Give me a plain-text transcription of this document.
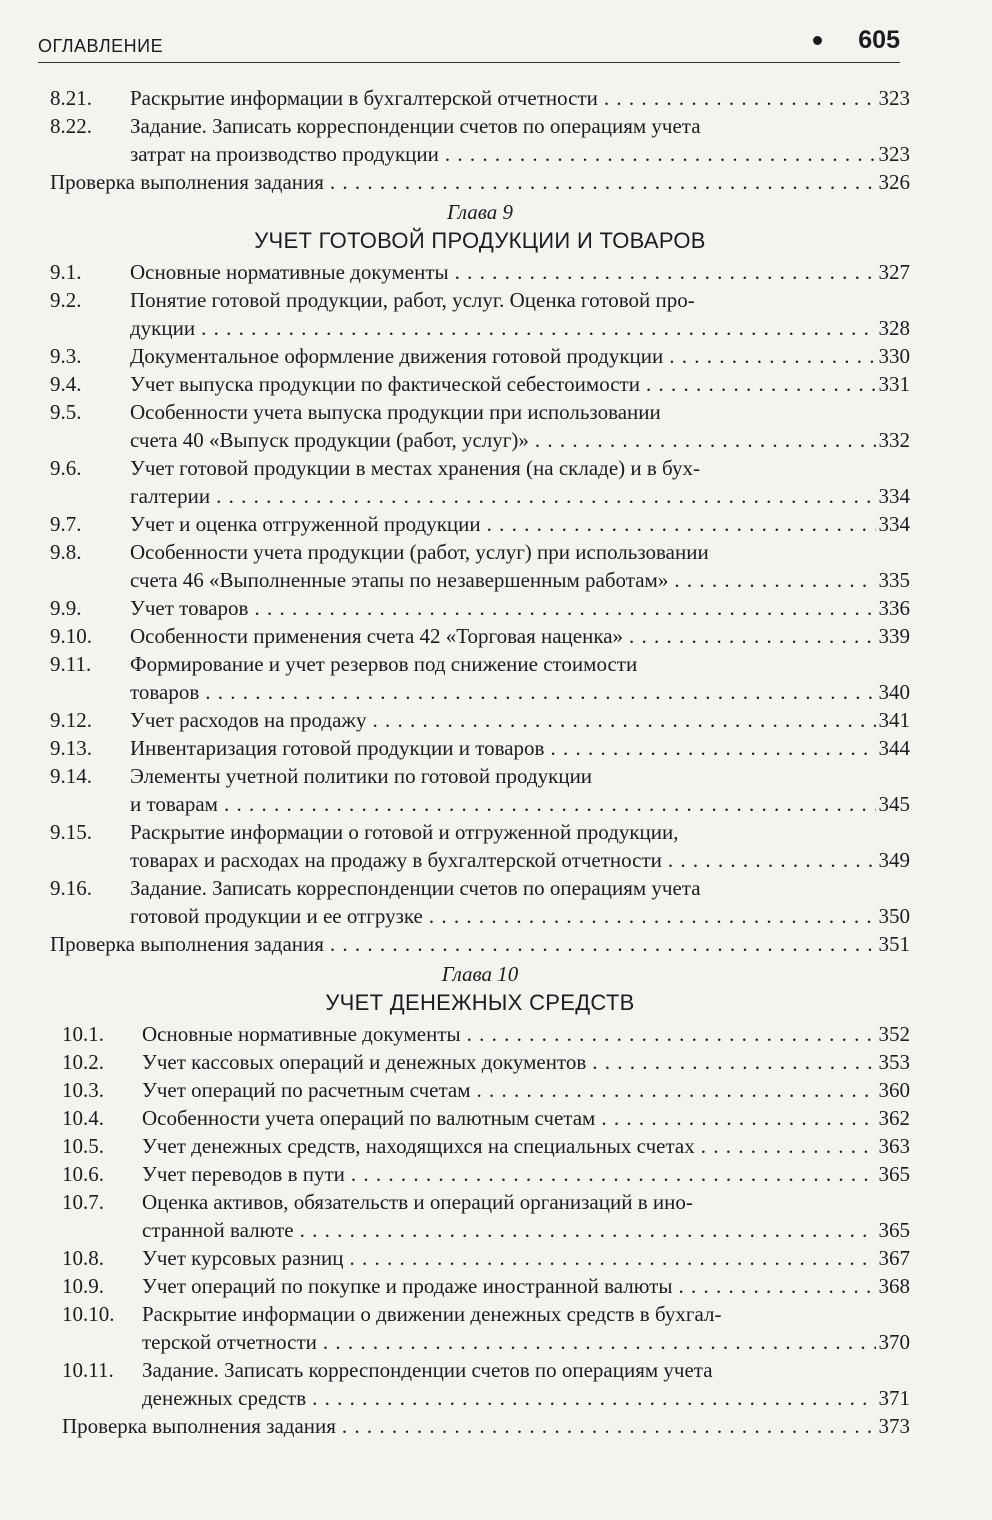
ОГЛАВЛЕНИЕ	605
8.21.	Раскрытие информации в бухгалтерской отчетности . . .	323
8.22.	Задание. Записать корреспонденции счетов по операциям учета
затрат на производство продукции . . .	323
Проверка выполнения задания . . .	326
Глава 9
УЧЕТ ГОТОВОЙ ПРОДУКЦИИ И ТОВАРОВ
9.1.	Основные нормативные документы . . .	327
9.2.	Понятие готовой продукции, работ, услуг. Оценка готовой про-
дукции . . .	328
9.3.	Документальное оформление движения готовой продукции . . .	330
9.4.	Учет выпуска продукции по фактической себестоимости . . .	331
9.5.	Особенности учета выпуска продукции при использовании
счета 40 «Выпуск продукции (работ, услуг)» . . .	332
9.6.	Учет готовой продукции в местах хранения (на складе) и в бух-
галтерии . . .	334
9.7.	Учет и оценка отгруженной продукции . . .	334
9.8.	Особенности учета продукции (работ, услуг) при использовании
счета 46 «Выполненные этапы по незавершенным работам» . . .	335
9.9.	Учет товаров . . .	336
9.10.	Особенности применения счета 42 «Торговая наценка» . . .	339
9.11.	Формирование и учет резервов под снижение стоимости
товаров . . .	340
9.12.	Учет расходов на продажу . . .	341
9.13.	Инвентаризация готовой продукции и товаров . . .	344
9.14.	Элементы учетной политики по готовой продукции
и товарам . . .	345
9.15.	Раскрытие информации о готовой и отгруженной продукции,
товарах и расходах на продажу в бухгалтерской отчетности . . .	349
9.16.	Задание. Записать корреспонденции счетов по операциям учета
готовой продукции и ее отгрузке . . .	350
Проверка выполнения задания . . .	351
Глава 10
УЧЕТ ДЕНЕЖНЫХ СРЕДСТВ
10.1.	Основные нормативные документы . . .	352
10.2.	Учет кассовых операций и денежных документов . . .	353
10.3.	Учет операций по расчетным счетам . . .	360
10.4.	Особенности учета операций по валютным счетам . . .	362
10.5.	Учет денежных средств, находящихся на специальных счетах . . .	363
10.6.	Учет переводов в пути . . .	365
10.7.	Оценка активов, обязательств и операций организаций в ино-
странной валюте . . .	365
10.8.	Учет курсовых разниц . . .	367
10.9.	Учет операций по покупке и продаже иностранной валюты . . .	368
10.10.	Раскрытие информации о движении денежных средств в бухгал-
терской отчетности . . .	370
10.11.	Задание. Записать корреспонденции счетов по операциям учета
денежных средств . . .	371
Проверка выполнения задания . . .	373
